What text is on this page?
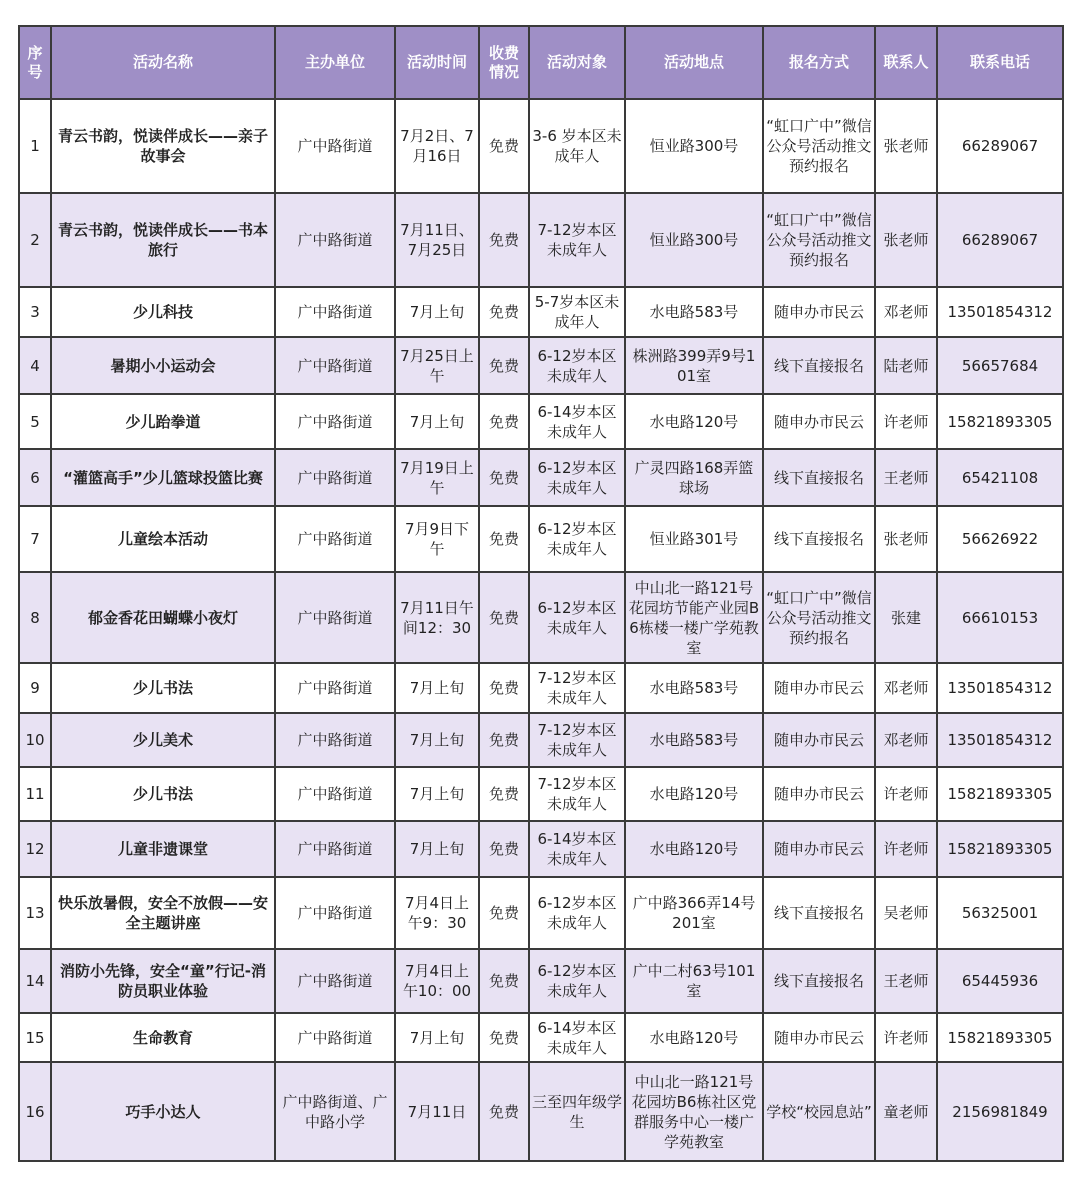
序号	活动名称	主办单位	活动时间	收费情况	活动对象	活动地点	报名方式	联系人	联系电话
1	青云书韵，悦读伴成长——亲子故事会	广中路街道	7月2日、7月16日	免费	3-6 岁本区未成年人	恒业路300号	“虹口广中”微信公众号活动推文预约报名	张老师	66289067
2	青云书韵，悦读伴成长——书本旅行	广中路街道	7月11日、7月25日	免费	7-12岁本区未成年人	恒业路300号	“虹口广中”微信公众号活动推文预约报名	张老师	66289067
3	少儿科技	广中路街道	7月上旬	免费	5-7岁本区未成年人	水电路583号	随申办市民云	邓老师	13501854312
4	暑期小小运动会	广中路街道	7月25日上午	免费	6-12岁本区未成年人	株洲路399弄9号101室	线下直接报名	陆老师	56657684
5	少儿跆拳道	广中路街道	7月上旬	免费	6-14岁本区未成年人	水电路120号	随申办市民云	许老师	15821893305
6	“灌篮高手”少儿篮球投篮比赛	广中路街道	7月19日上午	免费	6-12岁本区未成年人	广灵四路168弄篮球场	线下直接报名	王老师	65421108
7	儿童绘本活动	广中路街道	7月9日下午	免费	6-12岁本区未成年人	恒业路301号	线下直接报名	张老师	56626922
8	郁金香花田蝴蝶小夜灯	广中路街道	7月11日午间12：30	免费	6-12岁本区未成年人	中山北一路121号花园坊节能产业园B6栋楼一楼广学苑教室	“虹口广中”微信公众号活动推文预约报名	张建	66610153
9	少儿书法	广中路街道	7月上旬	免费	7-12岁本区未成年人	水电路583号	随申办市民云	邓老师	13501854312
10	少儿美术	广中路街道	7月上旬	免费	7-12岁本区未成年人	水电路583号	随申办市民云	邓老师	13501854312
11	少儿书法	广中路街道	7月上旬	免费	7-12岁本区未成年人	水电路120号	随申办市民云	许老师	15821893305
12	儿童非遗课堂	广中路街道	7月上旬	免费	6-14岁本区未成年人	水电路120号	随申办市民云	许老师	15821893305
13	快乐放暑假，安全不放假——安全主题讲座	广中路街道	7月4日上午9：30	免费	6-12岁本区未成年人	广中路366弄14号201室	线下直接报名	吴老师	56325001
14	消防小先锋，安全“童”行记-消防员职业体验	广中路街道	7月4日上午10：00	免费	6-12岁本区未成年人	广中二村63号101室	线下直接报名	王老师	65445936
15	生命教育	广中路街道	7月上旬	免费	6-14岁本区未成年人	水电路120号	随申办市民云	许老师	15821893305
16	巧手小达人	广中路街道、广中路小学	7月11日	免费	三至四年级学生	中山北一路121号花园坊B6栋社区党群服务中心一楼广学苑教室	学校“校园息站”	童老师	2156981849
